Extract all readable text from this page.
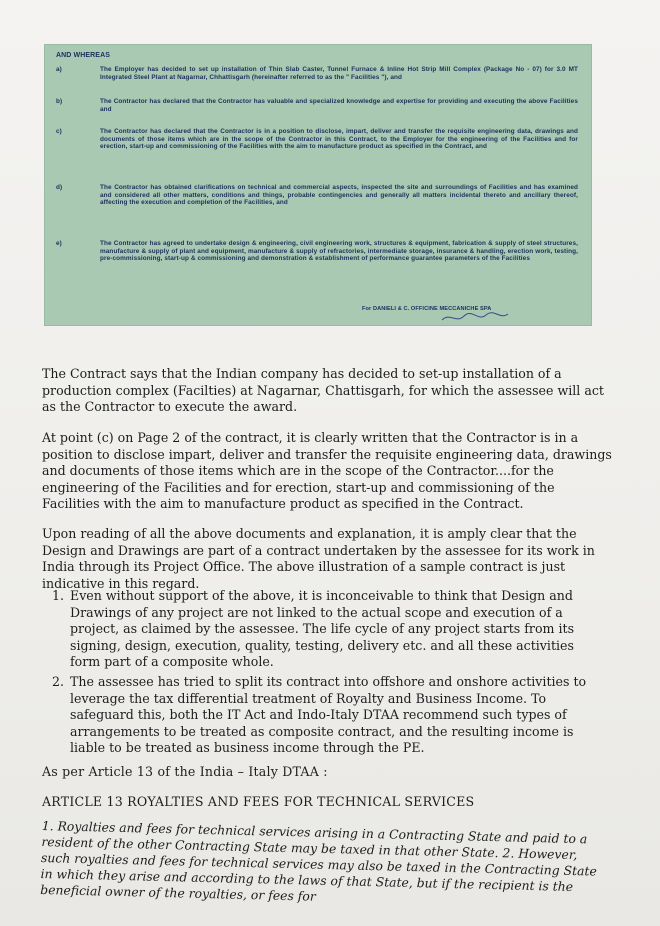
AND WHEREAS
a)	The Employer has decided to set up installation of Thin Slab Caster, Tunnel Furnace & Inline Hot Strip Mill Complex (Package No - 07) for 3.0 MT Integrated Steel Plant at Nagarnar, Chhattisgarh (hereinafter referred to as the " Facilities "), and
b)	The Contractor has declared that the Contractor has valuable and specialized knowledge and expertise for providing and executing the above Facilities and
c)	The Contractor has declared that the Contractor is in a position to disclose, impart, deliver and transfer the requisite engineering data, drawings and documents of those items which are in the scope of the Contractor in this Contract, to the Employer for the engineering of the Facilities and for erection, start-up and commissioning of the Facilities with the aim to manufacture product as specified in the Contract, and
d)	The Contractor has obtained clarifications on technical and commercial aspects, inspected the site and surroundings of Facilities and has examined and considered all other matters, conditions and things, probable contingencies and generally all matters incidental thereto and ancillary thereof, affecting the execution and completion of the Facilities, and
e)	The Contractor has agreed to undertake design & engineering, civil engineering work, structures & equipment, fabrication & supply of steel structures, manufacture & supply of plant and equipment, manufacture & supply of refractories, intermediate storage, insurance & handling, erection work, testing, pre-commissioning, start-up & commissioning and demonstration & establishment of performance guarantee parameters of the Facilities
For DANIELI & C. OFFICINE MECCANICHE SPA
The Contract says that the Indian company has decided to set-up installation of a production complex (Facilties) at Nagarnar, Chattisgarh, for which the assessee will act as the Contractor to execute the award.
At point (c) on Page 2 of the contract, it is clearly written that the Contractor is in a position to disclose impart, deliver and transfer the requisite engineering data, drawings and documents of those items which are in the scope of the Contractor....for the engineering of the Facilities and for erection, start-up and commissioning of the Facilities with the aim to manufacture product as specified in the Contract.
Upon reading of all the above documents and explanation, it is amply clear that the Design and Drawings are part of a contract undertaken by the assessee for its work in India through its Project Office. The above illustration of a sample contract is just indicative in this regard.
1. Even without support of the above, it is inconceivable to think that Design and Drawings of any project are not linked to the actual scope and execution of a project, as claimed by the assessee. The life cycle of any project starts from its signing, design, execution, quality, testing, delivery etc. and all these activities form part of a composite whole.
2. The assessee has tried to split its contract into offshore and onshore activities to leverage the tax differential treatment of Royalty and Business Income. To safeguard this, both the IT Act and Indo-Italy DTAA recommend such types of arrangements to be treated as composite contract, and the resulting income is liable to be treated as business income through the PE.
As per Article 13 of the India – Italy DTAA :
ARTICLE 13 ROYALTIES AND FEES FOR TECHNICAL SERVICES
1. Royalties and fees for technical services arising in a Contracting State and paid to a resident of the other Contracting State may be taxed in that other State. 2. However, such royalties and fees for technical services may also be taxed in the Contracting State in which they arise and according to the laws of that State, but if the recipient is the beneficial owner of the royalties, or fees for
